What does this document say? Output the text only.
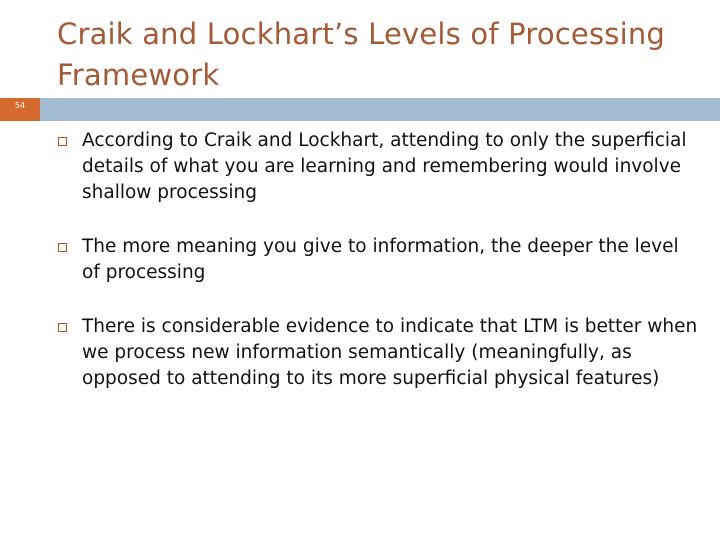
Craik and Lockhart’s Levels of Processing Framework
54
According to Craik and Lockhart, attending to only the superficial details of what you are learning and remembering would involve shallow processing
The more meaning you give to information, the deeper the level of processing
There is considerable evidence to indicate that LTM is better when we process new information semantically (meaningfully, as opposed to attending to its more superficial physical features)
